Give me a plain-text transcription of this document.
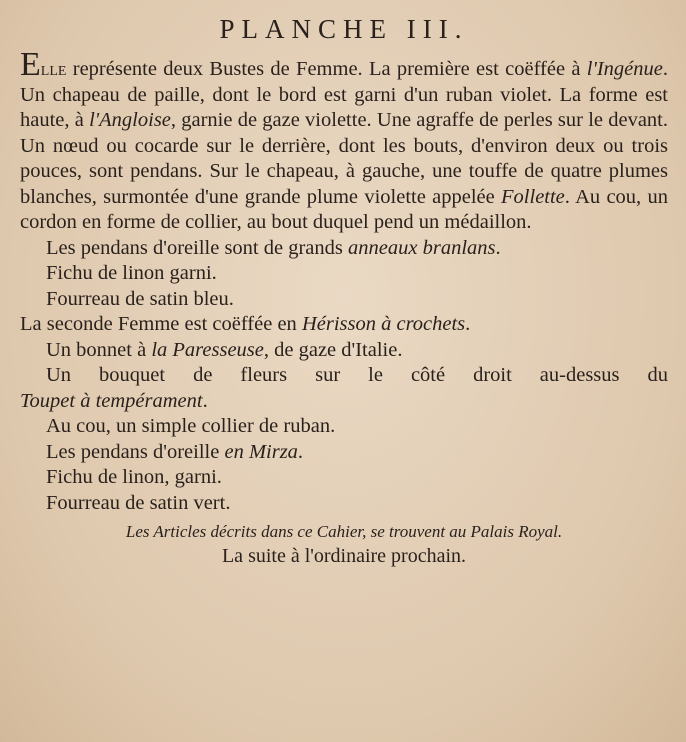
PLANCHE III.

Elle représente deux Bustes de Femme. La première est coëffée à l'Ingénue. Un chapeau de paille, dont le bord est garni d'un ruban violet. La forme est haute, à l'Angloise, garnie de gaze violette. Une agraffe de perles sur le devant. Un nœud ou cocarde sur le derrière, dont les bouts, d'environ deux ou trois pouces, sont pendans. Sur le chapeau, à gauche, une touffe de quatre plumes blanches, surmontée d'une grande plume violette appelée Follette. Au cou, un cordon en forme de collier, au bout duquel pend un médaillon.

Les pendans d'oreille sont de grands anneaux branlans.

Fichu de linon garni.

Fourreau de satin bleu.

La seconde Femme est coëffée en Hérisson à crochets.

Un bonnet à la Paresseuse, de gaze d'Italie.

Un bouquet de fleurs sur le côté droit au-dessus du

Toupet à tempérament.

Au cou, un simple collier de ruban.

Les pendans d'oreille en Mirza.

Fichu de linon, garni.

Fourreau de satin vert.

Les Articles décrits dans ce Cahier, se trouvent au Palais Royal.

La suite à l'ordinaire prochain.
